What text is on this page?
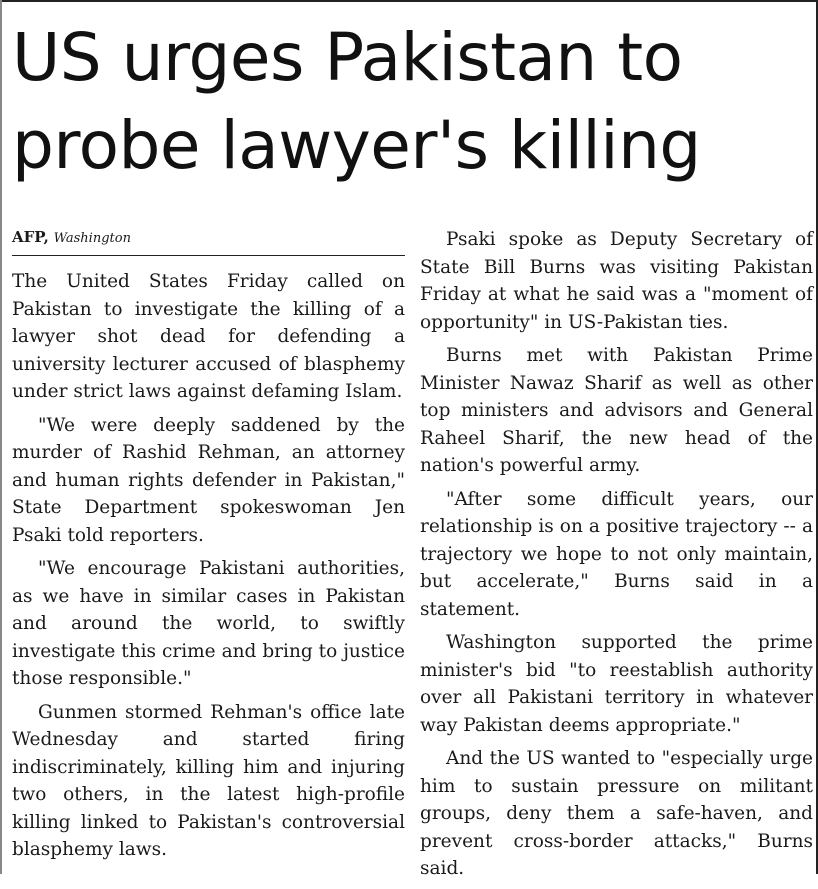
US urges Pakistan to
probe lawyer's killing
AFP, Washington

The United States Friday called on Pakistan to investigate the killing of a lawyer shot dead for defending a university lecturer accused of blasphemy under strict laws against defaming Islam.

"We were deeply saddened by the murder of Rashid Rehman, an attorney and human rights defender in Pakistan," State Department spokeswoman Jen Psaki told reporters.

"We encourage Pakistani authorities, as we have in similar cases in Pakistan and around the world, to swiftly investigate this crime and bring to justice those responsible."

Gunmen stormed Rehman's office late Wednesday and started firing indiscriminately, killing him and injuring two others, in the latest high-profile killing linked to Pakistan's controversial blasphemy laws.

Psaki spoke as Deputy Secretary of State Bill Burns was visiting Pakistan Friday at what he said was a "moment of opportunity" in US-Pakistan ties.

Burns met with Pakistan Prime Minister Nawaz Sharif as well as other top ministers and advisors and General Raheel Sharif, the new head of the nation's powerful army.

"After some difficult years, our relationship is on a positive trajectory -- a trajectory we hope to not only maintain, but accelerate," Burns said in a statement.

Washington supported the prime minister's bid "to reestablish authority over all Pakistani territory in whatever way Pakistan deems appropriate."

And the US wanted to "especially urge him to sustain pressure on militant groups, deny them a safe-haven, and prevent cross-border attacks," Burns said.
